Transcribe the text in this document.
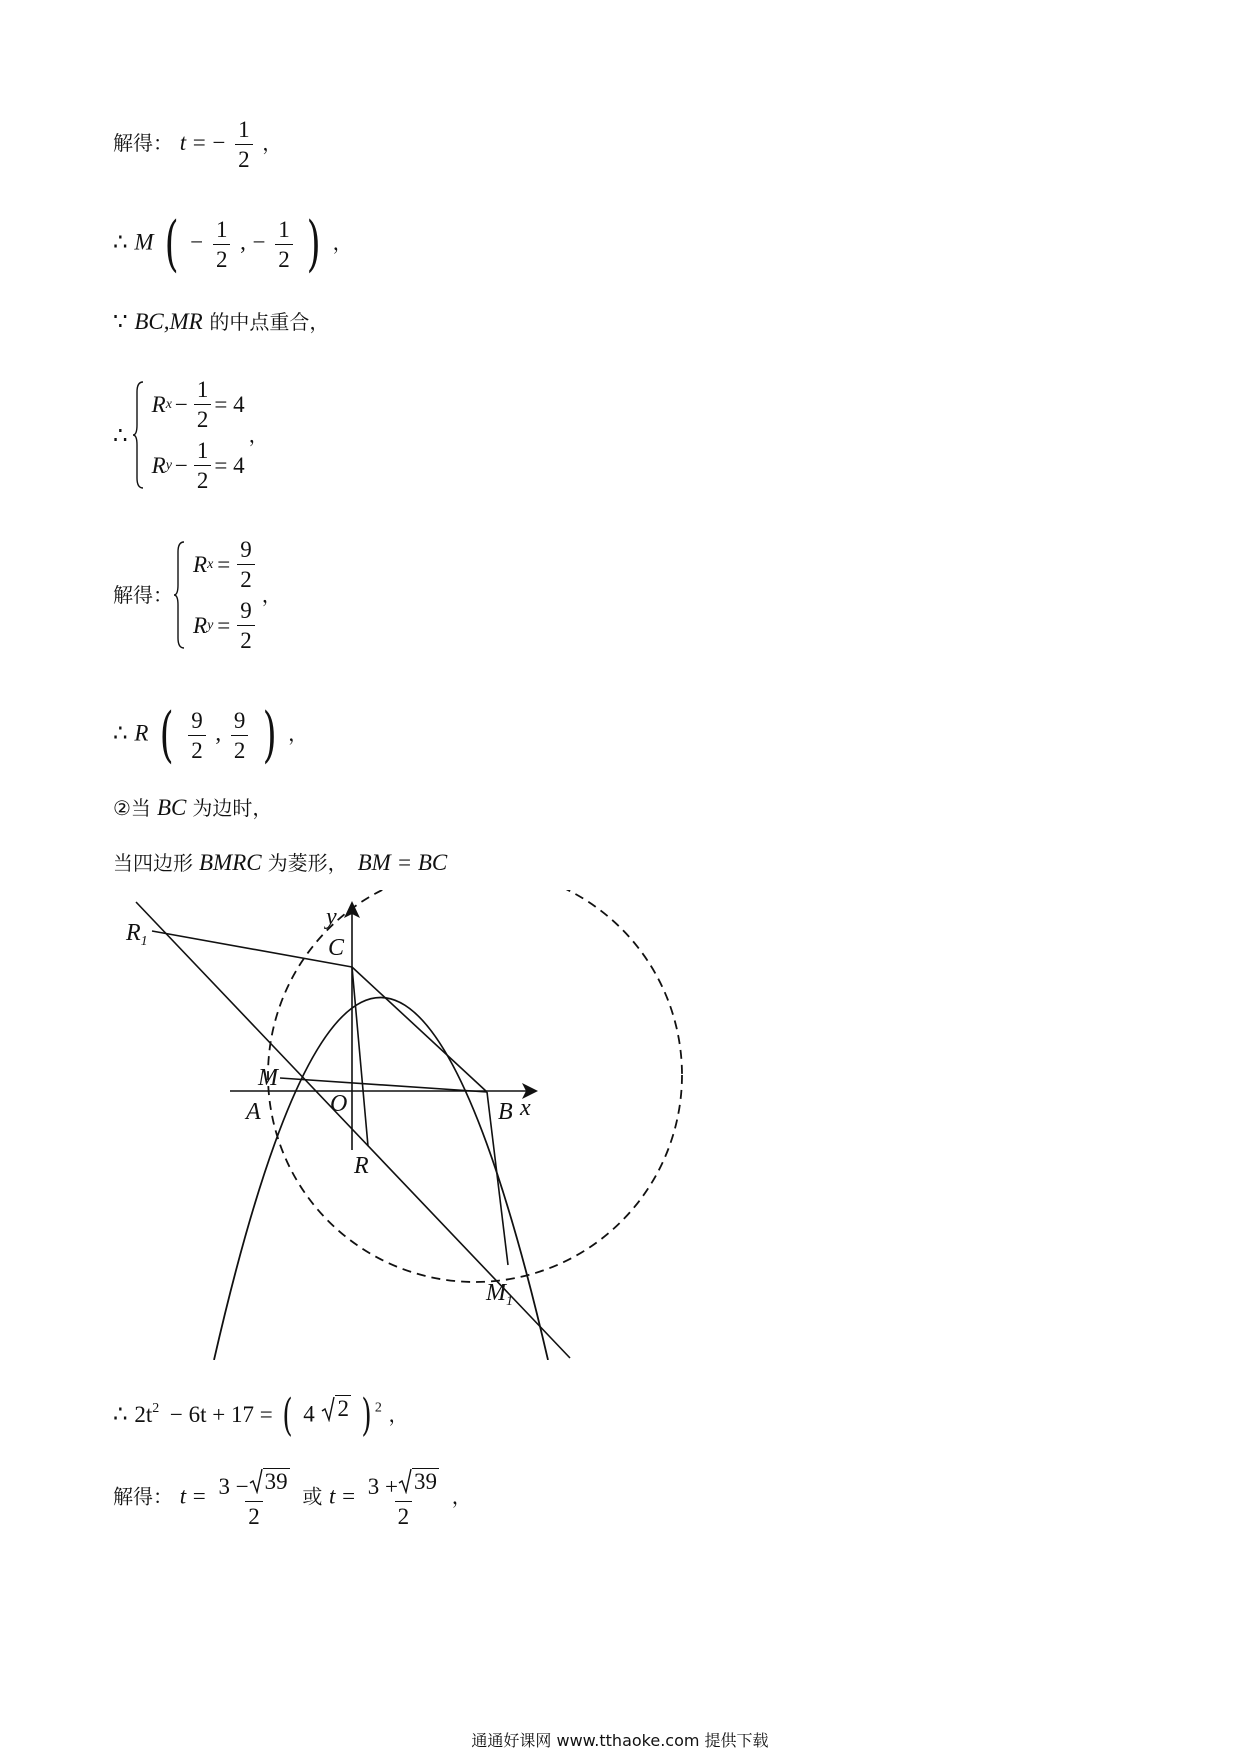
解得： t = − $\frac{1}{2}$ ，
∴ M ( − $\frac{1}{2}$ , − $\frac{1}{2}$ ) ，
∵ BC,MR 的中点重合，
∴
R $x - \frac{1}{2} = 4$
R $y - \frac{1}{2} = 4$
，
解得：
R $x = \frac{9}{2}$
R $y = \frac{9}{2}$
，
∴ R ( $\frac{9}{2}$ , $\frac{9}{2}$ ) ，
②当 BC 为边时，
当四边形 BMRC 为菱形， BM = BC
$R_1$	C
y
M
A	O	B x
R
$M_1$
∴ $2t^2 - 6t + 17$ = ( 4 2 ) $^2$ ，
解得： $t = \frac{3 - 39}{2}$ 或 $t = \frac{3 + 39}{2}$ ，
通通好课网 www.tthaoke.com 提供下载
